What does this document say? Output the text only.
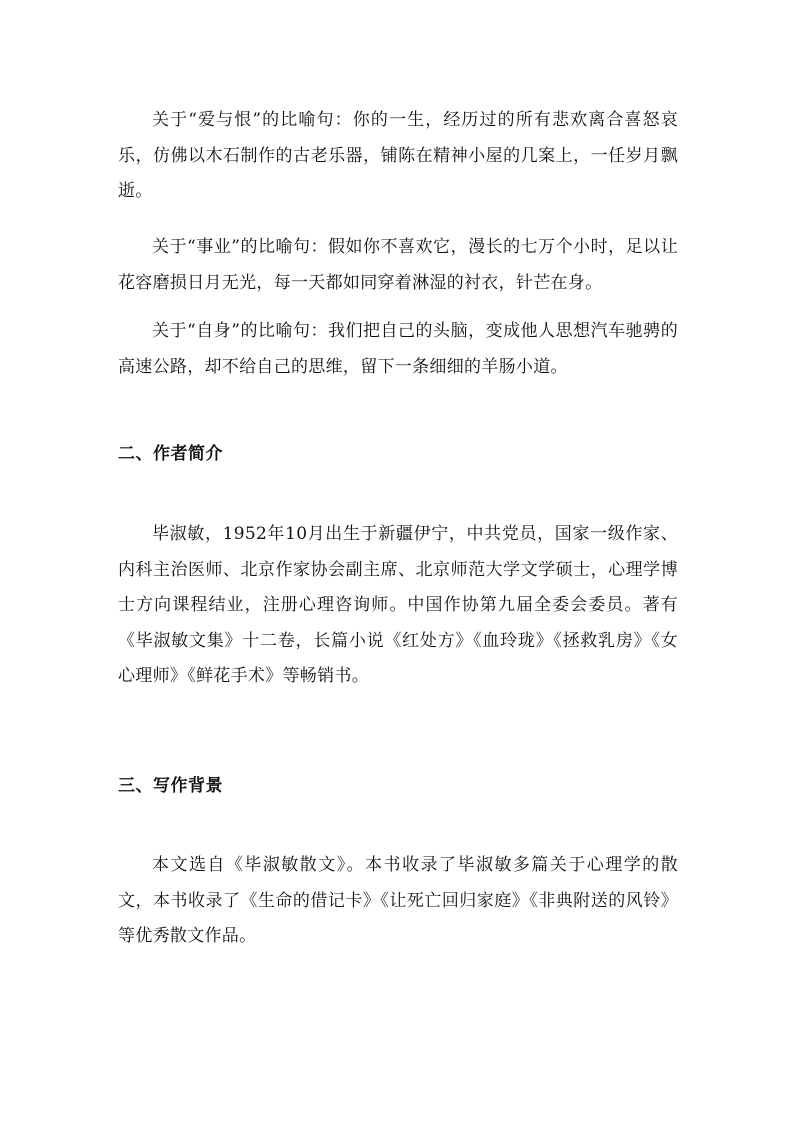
关于“爱与恨”的比喻句：你的一生，经历过的所有悲欢离合喜怒哀乐，仿佛以木石制作的古老乐器，铺陈在精神小屋的几案上，一任岁月飘逝。

关于“事业”的比喻句：假如你不喜欢它，漫长的七万个小时，足以让花容磨损日月无光，每一天都如同穿着淋湿的衬衣，针芒在身。

关于“自身”的比喻句：我们把自己的头脑，变成他人思想汽车驰骋的高速公路，却不给自己的思维，留下一条细细的羊肠小道。

二、作者简介

毕淑敏，1952年10月出生于新疆伊宁，中共党员，国家一级作家、内科主治医师、北京作家协会副主席、北京师范大学文学硕士，心理学博士方向课程结业，注册心理咨询师。中国作协第九届全委会委员。著有《毕淑敏文集》十二卷，长篇小说《红处方》《血玲珑》《拯救乳房》《女心理师》《鲜花手术》等畅销书。

三、写作背景

本文选自《毕淑敏散文》。本书收录了毕淑敏多篇关于心理学的散文，本书收录了《生命的借记卡》《让死亡回归家庭》《非典附送的风铃》等优秀散文作品。
